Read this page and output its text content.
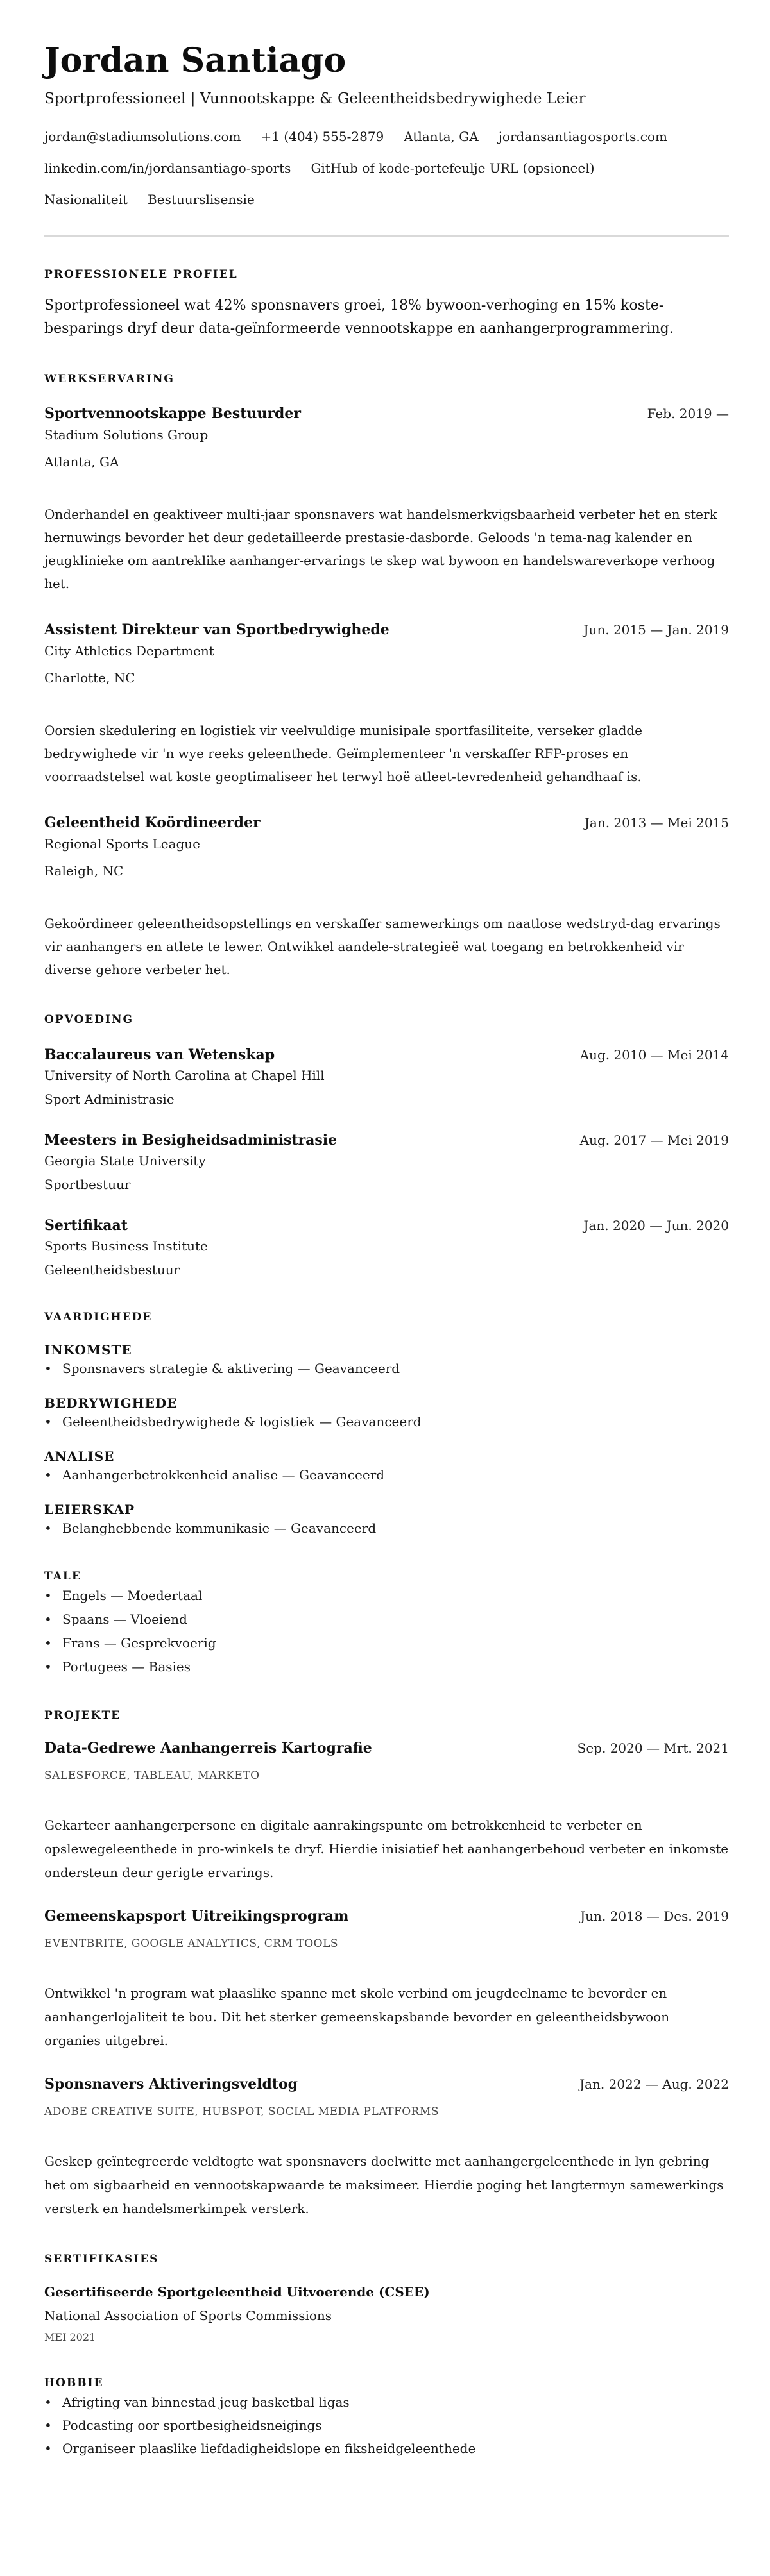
Jordan Santiago
Sportprofessioneel | Vunnootskappe & Geleentheidsbedrywighede Leier
jordan@stadiumsolutions.com +1 (404) 555-2879 Atlanta, GA jordansantiagosports.com
linkedin.com/in/jordansantiago-sports GitHub of kode-portefeulje URL (opsioneel)
Nasionaliteit Bestuurslisensie
PROFESSIONELE PROFIEL

Sportprofessioneel wat 42% sponsnavers groei, 18% bywoon-verhoging en 15% koste-besparings dryf deur data-geïnformeerde vennootskappe en aanhangerprogrammering.

WERKSERVARING
Sportvennootskappe Bestuurder	Feb. 2019 —
Stadium Solutions Group
Atlanta, GA
Onderhandel en geaktiveer multi-jaar sponsnavers wat handelsmerkvigsbaarheid verbeter het en sterk hernuwings bevorder het deur gedetailleerde prestasie-dasborde. Geloods 'n tema-nag kalender en jeugklinieke om aantreklike aanhanger-ervarings te skep wat bywoon en handelswareverkope verhoog het.
Assistent Direkteur van Sportbedrywighede	Jun. 2015 — Jan. 2019
City Athletics Department
Charlotte, NC
Oorsien skedulering en logistiek vir veelvuldige munisipale sportfasiliteite, verseker gladde bedrywighede vir 'n wye reeks geleenthede. Geïmplementeer 'n verskaffer RFP-proses en voorraadstelsel wat koste geoptimaliseer het terwyl hoë atleet-tevredenheid gehandhaaf is.
Geleentheid Koördineerder	Jan. 2013 — Mei 2015
Regional Sports League
Raleigh, NC
Gekoördineer geleentheidsopstellings en verskaffer samewerkings om naatlose wedstryd-dag ervarings vir aanhangers en atlete te lewer. Ontwikkel aandele-strategieë wat toegang en betrokkenheid vir diverse gehore verbeter het.
OPVOEDING
Baccalaureus van Wetenskap	Aug. 2010 — Mei 2014
University of North Carolina at Chapel Hill
Sport Administrasie
Meesters in Besigheidsadministrasie	Aug. 2017 — Mei 2019
Georgia State University
Sportbestuur
Sertifikaat	Jan. 2020 — Jun. 2020
Sports Business Institute
Geleentheidsbestuur
VAARDIGHEDE
INKOMSTE
• Sponsnavers strategie & aktivering — Geavanceerd
BEDRYWIGHEDE
• Geleentheidsbedrywighede & logistiek — Geavanceerd
ANALISE
• Aanhangerbetrokkenheid analise — Geavanceerd
LEIERSKAP
• Belanghebbende kommunikasie — Geavanceerd
TALE
• Engels — Moedertaal
• Spaans — Vloeiend
• Frans — Gesprekvoerig
• Portugees — Basies
PROJEKTE
Data-Gedrewe Aanhangerreis Kartografie	Sep. 2020 — Mrt. 2021
SALESFORCE, TABLEAU, MARKETO
Gekarteer aanhangerpersone en digitale aanrakingspunte om betrokkenheid te verbeter en opslewegeleenthede in pro-winkels te dryf. Hierdie inisiatief het aanhangerbehoud verbeter en inkomste ondersteun deur gerigte ervarings.
Gemeenskapsport Uitreikingsprogram	Jun. 2018 — Des. 2019
EVENTBRITE, GOOGLE ANALYTICS, CRM TOOLS
Ontwikkel 'n program wat plaaslike spanne met skole verbind om jeugdeelname te bevorder en aanhangerlojaliteit te bou. Dit het sterker gemeenskapsbande bevorder en geleentheidsbywoon organies uitgebrei.
Sponsnavers Aktiveringsveldtog	Jan. 2022 — Aug. 2022
ADOBE CREATIVE SUITE, HUBSPOT, SOCIAL MEDIA PLATFORMS
Geskep geïntegreerde veldtogte wat sponsnavers doelwitte met aanhangergeleenthede in lyn gebring het om sigbaarheid en vennootskapwaarde te maksimeer. Hierdie poging het langtermyn samewerkings versterk en handelsmerkimpek versterk.
SERTIFIKASIES
Gesertifiseerde Sportgeleentheid Uitvoerende (CSEE)
National Association of Sports Commissions
MEI 2021
HOBBIE
• Afrigting van binnestad jeug basketbal ligas
• Podcasting oor sportbesigheidsneigings
• Organiseer plaaslike liefdadigheidslope en fiksheidgeleenthede
